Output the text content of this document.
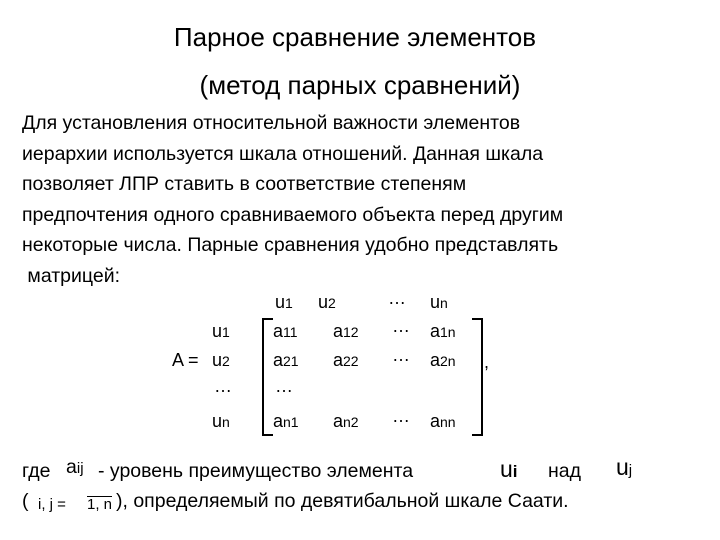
Парное сравнение элементов
(метод парных сравнений)
Для установления относительной важности элементов
иерархии используется шкала отношений. Данная шкала
позволяет ЛПР ставить в соответствие степеням
предпочтения одного сравниваемого объекта перед другим
некоторые числа. Парные сравнения удобно представлять
матрицей:
u1 u2	… un
u1
A = u2
…
un
a11 a12 … a1n
a21 a22 … a2n ,
…
an1 an2 … ann
где aij - уровень преимущество элемента	ui над uj
( i, j = 1, n ), определяемый по девятибальной шкале Саати.
